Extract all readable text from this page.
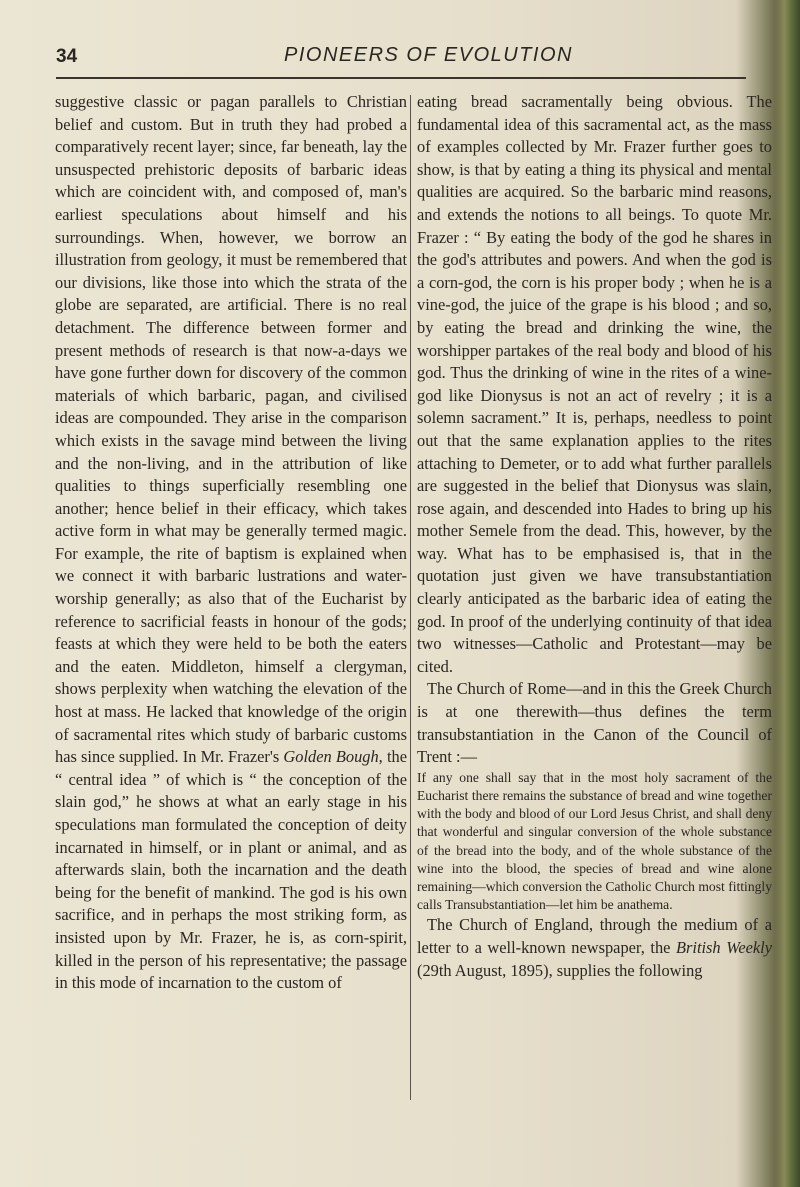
34	PIONEERS OF EVOLUTION

suggestive classic or pagan parallels to Christian belief and custom. But in truth they had probed a comparatively recent layer; since, far beneath, lay the unsuspected prehistoric deposits of barbaric ideas which are coincident with, and composed of, man's earliest speculations about himself and his surroundings. When, however, we borrow an illustration from geology, it must be remembered that our divisions, like those into which the strata of the globe are separated, are artificial. There is no real detachment. The difference between former and present methods of research is that now-a-days we have gone further down for discovery of the common materials of which barbaric, pagan, and civilised ideas are compounded. They arise in the comparison which exists in the savage mind between the living and the non-living, and in the attribution of like qualities to things superficially resembling one another; hence belief in their efficacy, which takes active form in what may be generally termed magic. For example, the rite of baptism is explained when we connect it with barbaric lustrations and water-worship generally; as also that of the Eucharist by reference to sacrificial feasts in honour of the gods; feasts at which they were held to be both the eaters and the eaten. Middleton, himself a clergyman, shows perplexity when watching the elevation of the host at mass. He lacked that knowledge of the origin of sacramental rites which study of barbaric customs has since supplied. In Mr. Frazer's Golden Bough, the “ central idea ” of which is “ the conception of the slain god,” he shows at what an early stage in his speculations man formulated the conception of deity incarnated in himself, or in plant or animal, and as afterwards slain, both the incarnation and the death being for the benefit of mankind. The god is his own sacrifice, and in perhaps the most striking form, as insisted upon by Mr. Frazer, he is, as corn-spirit, killed in the person of his representative; the passage in this mode of incarnation to the custom of

eating bread sacramentally being obvious. The fundamental idea of this sacramental act, as the mass of examples collected by Mr. Frazer further goes to show, is that by eating a thing its physical and mental qualities are acquired. So the barbaric mind reasons, and extends the notions to all beings. To quote Mr. Frazer : “ By eating the body of the god he shares in the god's attributes and powers. And when the god is a corn-god, the corn is his proper body ; when he is a vine-god, the juice of the grape is his blood ; and so, by eating the bread and drinking the wine, the worshipper partakes of the real body and blood of his god. Thus the drinking of wine in the rites of a wine-god like Dionysus is not an act of revelry ; it is a solemn sacrament.” It is, perhaps, needless to point out that the same explanation applies to the rites attaching to Demeter, or to add what further parallels are suggested in the belief that Dionysus was slain, rose again, and descended into Hades to bring up his mother Semele from the dead. This, however, by the way. What has to be emphasised is, that in the quotation just given we have transubstantiation clearly anticipated as the barbaric idea of eating the god. In proof of the underlying continuity of that idea two witnesses—Catholic and Protestant—may be cited.

The Church of Rome—and in this the Greek Church is at one therewith—thus defines the term transubstantiation in the Canon of the Council of Trent :—

If any one shall say that in the most holy sacrament of the Eucharist there remains the substance of bread and wine together with the body and blood of our Lord Jesus Christ, and shall deny that wonderful and singular conversion of the whole substance of the bread into the body, and of the whole substance of the wine into the blood, the species of bread and wine alone remaining—which conversion the Catholic Church most fittingly calls Transubstantiation—let him be anathema.

The Church of England, through the medium of a letter to a well-known newspaper, the British Weekly (29th August, 1895), supplies the following
